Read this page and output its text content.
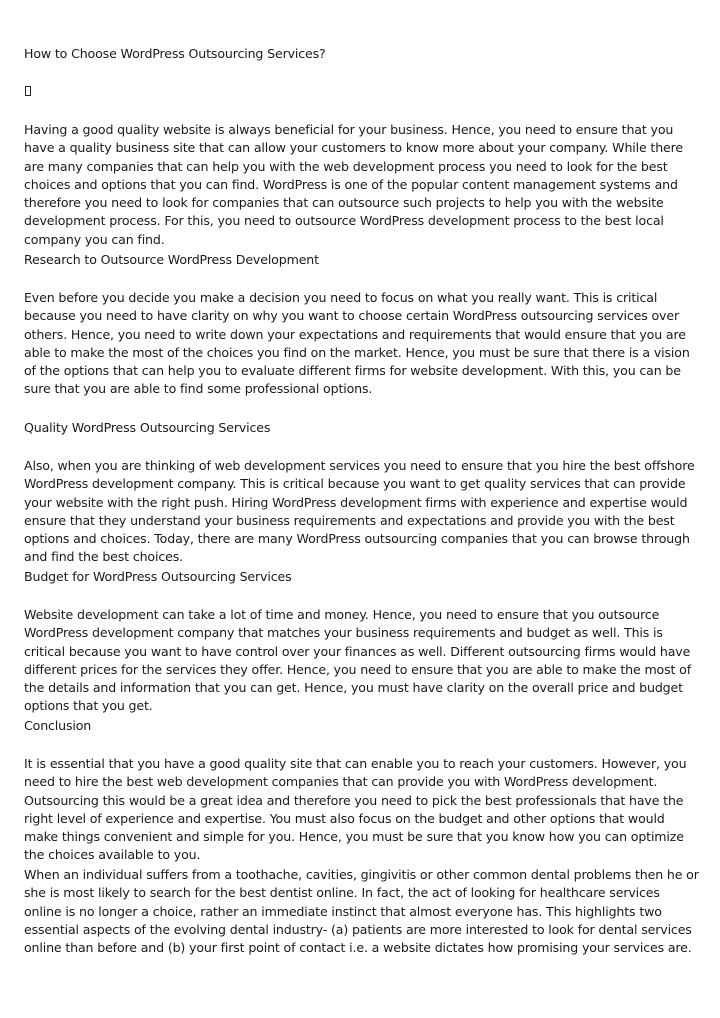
How to Choose WordPress Outsourcing Services?

Having a good quality website is always beneficial for your business. Hence, you need to ensure that you have a quality business site that can allow your customers to know more about your company. While there are many companies that can help you with the web development process you need to look for the best choices and options that you can find. WordPress is one of the popular content management systems and therefore you need to look for companies that can outsource such projects to help you with the website development process. For this, you need to outsource WordPress development process to the best local company you can find.

Research to Outsource WordPress Development

Even before you decide you make a decision you need to focus on what you really want. This is critical because you need to have clarity on why you want to choose certain WordPress outsourcing services over others. Hence, you need to write down your expectations and requirements that would ensure that you are able to make the most of the choices you find on the market. Hence, you must be sure that there is a vision of the options that can help you to evaluate different firms for website development. With this, you can be sure that you are able to find some professional options.

Quality WordPress Outsourcing Services

Also, when you are thinking of web development services you need to ensure that you hire the best offshore WordPress development company. This is critical because you want to get quality services that can provide your website with the right push. Hiring WordPress development firms with experience and expertise would ensure that they understand your business requirements and expectations and provide you with the best options and choices. Today, there are many WordPress outsourcing companies that you can browse through and find the best choices.

Budget for WordPress Outsourcing Services

Website development can take a lot of time and money. Hence, you need to ensure that you outsource WordPress development company that matches your business requirements and budget as well. This is critical because you want to have control over your finances as well. Different outsourcing firms would have different prices for the services they offer. Hence, you need to ensure that you are able to make the most of the details and information that you can get. Hence, you must have clarity on the overall price and budget options that you get.

Conclusion

It is essential that you have a good quality site that can enable you to reach your customers. However, you need to hire the best web development companies that can provide you with WordPress development. Outsourcing this would be a great idea and therefore you need to pick the best professionals that have the right level of experience and expertise. You must also focus on the budget and other options that would make things convenient and simple for you. Hence, you must be sure that you know how you can optimize the choices available to you.

When an individual suffers from a toothache, cavities, gingivitis or other common dental problems then he or she is most likely to search for the best dentist online. In fact, the act of looking for healthcare services online is no longer a choice, rather an immediate instinct that almost everyone has. This highlights two essential aspects of the evolving dental industry- (a) patients are more interested to look for dental services online than before and (b) your first point of contact i.e. a website dictates how promising your services are.
